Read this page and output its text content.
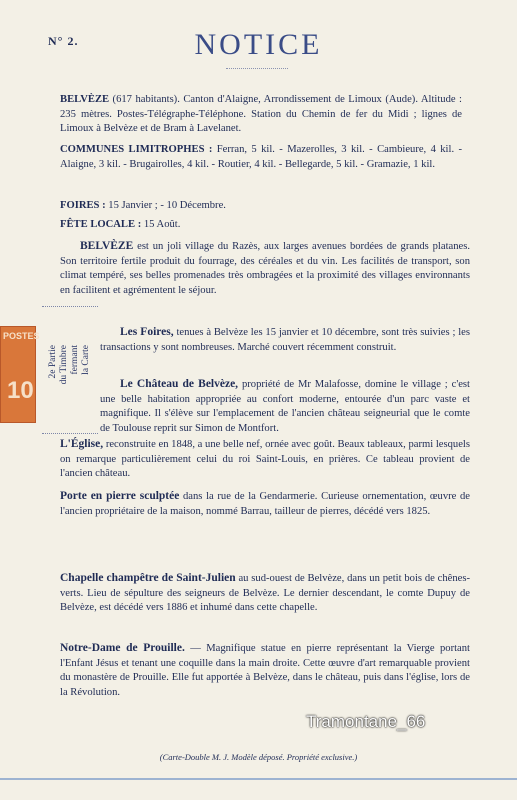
N° 2.	NOTICE
BELVÈZE (617 habitants). Canton d'Alaigne, Arrondissement de Limoux (Aude). Altitude : 235 mètres. Postes-Télégraphe-Téléphone. Station du Chemin de fer du Midi ; lignes de Limoux à Belvèze et de Bram à Lavelanet.
COMMUNES LIMITROPHES : Ferran, 5 kil. - Mazerolles, 3 kil. - Cambieure, 4 kil. - Alaigne, 3 kil. - Brugairolles, 4 kil. - Routier, 4 kil. - Bellegarde, 5 kil. - Gramazie, 1 kil.
FOIRES : 15 Janvier ; - 10 Décembre.
FÊTE LOCALE : 15 Août.
BELVÈZE est un joli village du Razès, aux larges avenues bordées de grands platanes. Son territoire fertile produit du fourrage, des céréales et du vin. Les facilités de transport, son climat tempéré, ses belles promenades très ombragées et la proximité des villages environnants en facilitent et agrémentent le séjour.
Les Foires, tenues à Belvèze les 15 janvier et 10 décembre, sont très suivies ; les transactions y sont nombreuses. Marché couvert récemment construit.
Le Château de Belvèze, propriété de Mr Malafosse, domine le village ; c'est une belle habitation appropriée au confort moderne, entourée d'un parc vaste et magnifique. Il s'élève sur l'emplacement de l'ancien château seigneurial que le comte de Toulouse reprit sur Simon de Montfort.
L'Église, reconstruite en 1848, a une belle nef, ornée avec goût. Beaux tableaux, parmi lesquels on remarque particulièrement celui du roi Saint-Louis, en prières. Ce tableau provient de l'ancien château.
Porte en pierre sculptée dans la rue de la Gendarmerie. Curieuse ornementation, œuvre de l'ancien propriétaire de la maison, nommé Barrau, tailleur de pierres, décédé vers 1825.
Chapelle champêtre de Saint-Julien au sud-ouest de Belvèze, dans un petit bois de chênes-verts. Lieu de sépulture des seigneurs de Belvèze. Le dernier descendant, le comte Dupuy de Belvèze, est décédé vers 1886 et inhumé dans cette chapelle.
Notre-Dame de Prouille. — Magnifique statue en pierre représentant la Vierge portant l'Enfant Jésus et tenant une coquille dans la main droite. Cette œuvre d'art remarquable provient du monastère de Prouille. Elle fut apportée à Belvèze, dans le château, puis dans l'église, lors de la Révolution.
POSTES
10
2e Partie du Timbre fermant la Carte
Tramontane_66
(Carte-Double M. J. Modèle déposé. Propriété exclusive.)
